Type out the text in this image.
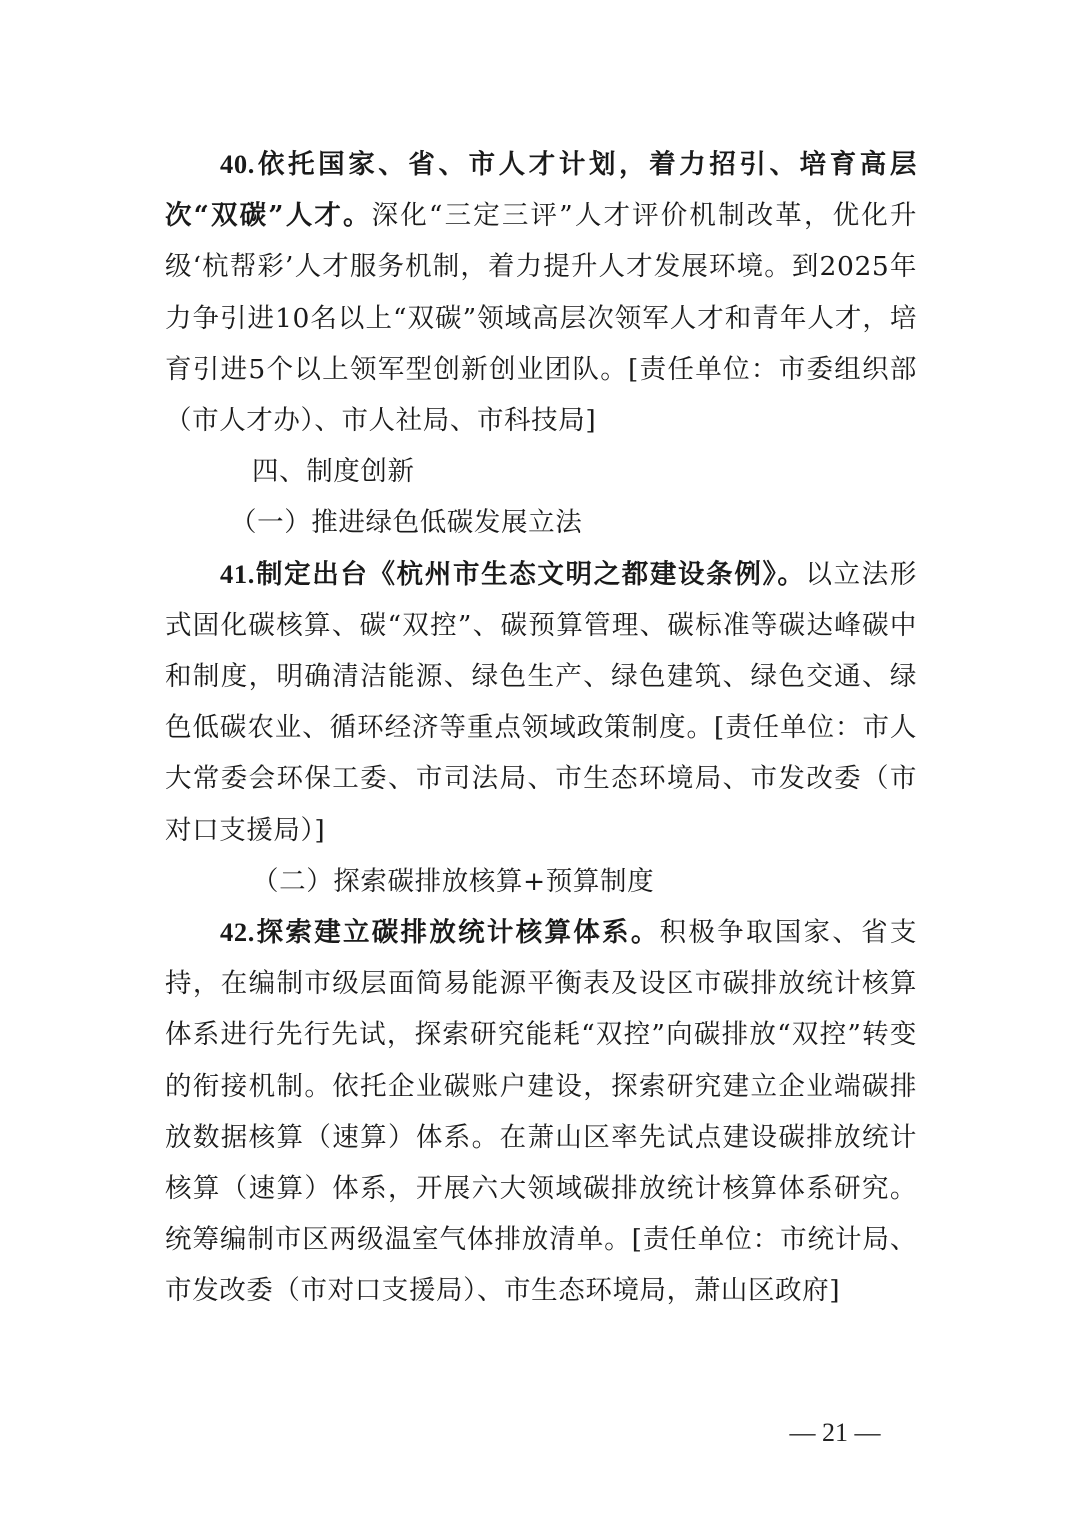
40.依托国家、省、市人才计划，着力招引、培育高层次“双碳”人才。深化“三定三评”人才评价机制改革，优化升级‘杭帮彩’人才服务机制，着力提升人才发展环境。到2025年力争引进10名以上“双碳”领域高层次领军人才和青年人才，培育引进5个以上领军型创新创业团队。[责任单位：市委组织部（市人才办）、市人社局、市科技局]

四、制度创新

（一）推进绿色低碳发展立法

41.制定出台《杭州市生态文明之都建设条例》。以立法形式固化碳核算、碳“双控”、碳预算管理、碳标准等碳达峰碳中和制度，明确清洁能源、绿色生产、绿色建筑、绿色交通、绿色低碳农业、循环经济等重点领域政策制度。[责任单位：市人大常委会环保工委、市司法局、市生态环境局、市发改委（市对口支援局）]

（二）探索碳排放核算+预算制度

42.探索建立碳排放统计核算体系。积极争取国家、省支持，在编制市级层面简易能源平衡表及设区市碳排放统计核算体系进行先行先试，探索研究能耗“双控”向碳排放“双控”转变的衔接机制。依托企业碳账户建设，探索研究建立企业端碳排放数据核算（速算）体系。在萧山区率先试点建设碳排放统计核算（速算）体系，开展六大领域碳排放统计核算体系研究。统筹编制市区两级温室气体排放清单。[责任单位：市统计局、市发改委（市对口支援局）、市生态环境局，萧山区政府]

— 21 —
